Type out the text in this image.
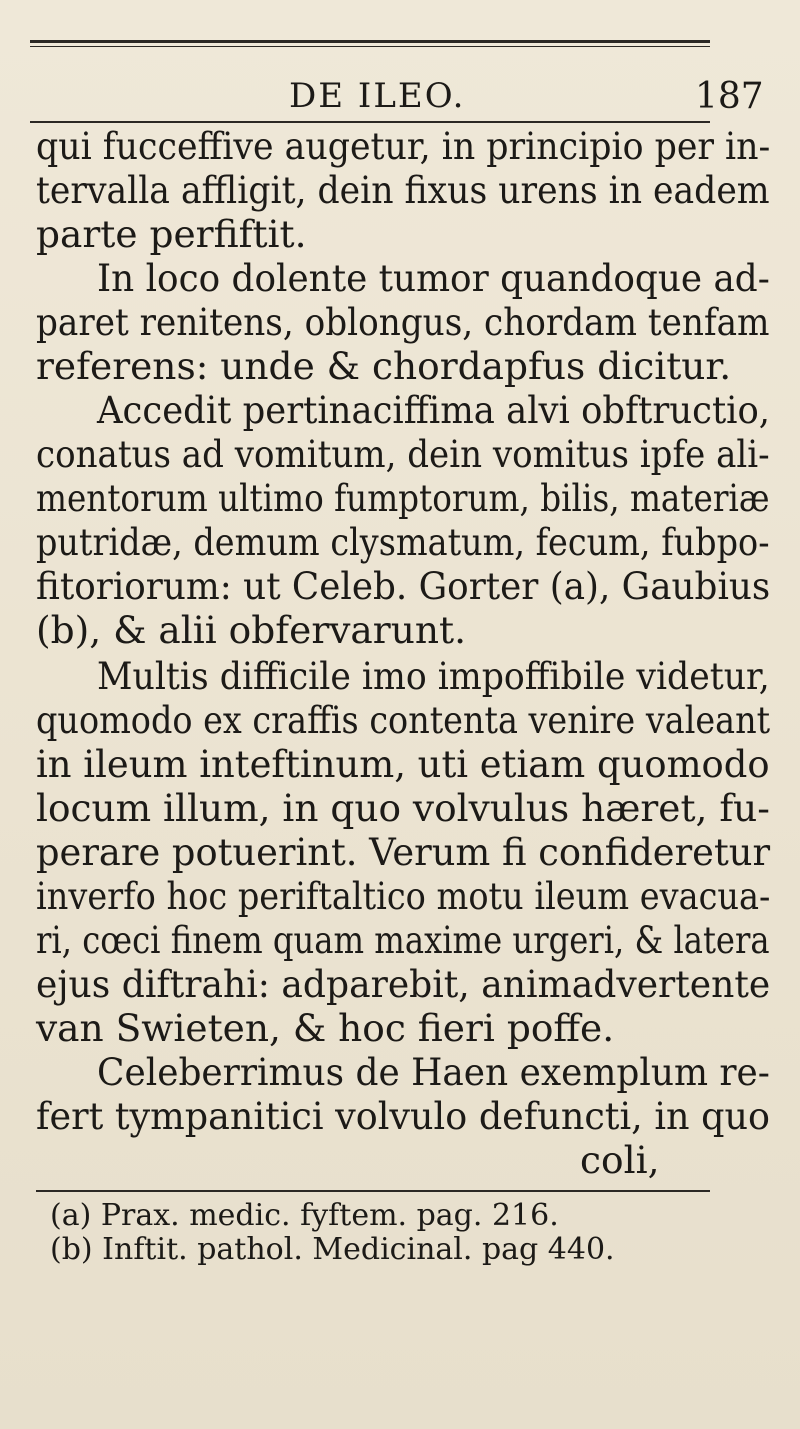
DE ILEO.	187
qui fucceffive augetur, in principio per in-
tervalla affligit, dein fixus urens in eadem
parte perfiftit.
In loco dolente tumor quandoque ad-
paret renitens, oblongus, chordam tenfam
referens: unde & chordapfus dicitur.
Accedit pertinaciffima alvi obftructio,
conatus ad vomitum, dein vomitus ipfe ali-
mentorum ultimo fumptorum, bilis, materiæ
putridæ, demum clysmatum, fecum, fubpo-
fitoriorum: ut Celeb. Gorter (a), Gaubius
(b), & alii obfervarunt.
Multis difficile imo impoffibile videtur,
quomodo ex craffis contenta venire valeant
in ileum inteftinum, uti etiam quomodo
locum illum, in quo volvulus hæret, fu-
perare potuerint. Verum fi confideretur
inverfo hoc periftaltico motu ileum evacua-
ri, cœci finem quam maxime urgeri, & latera
ejus diftrahi: adparebit, animadvertente
van Swieten, & hoc fieri poffe.
Celeberrimus de Haen exemplum re-
fert tympanitici volvulo defuncti, in quo
coli,
(a) Prax. medic. fyftem. pag. 216.
(b) Inftit. pathol. Medicinal. pag 440.
